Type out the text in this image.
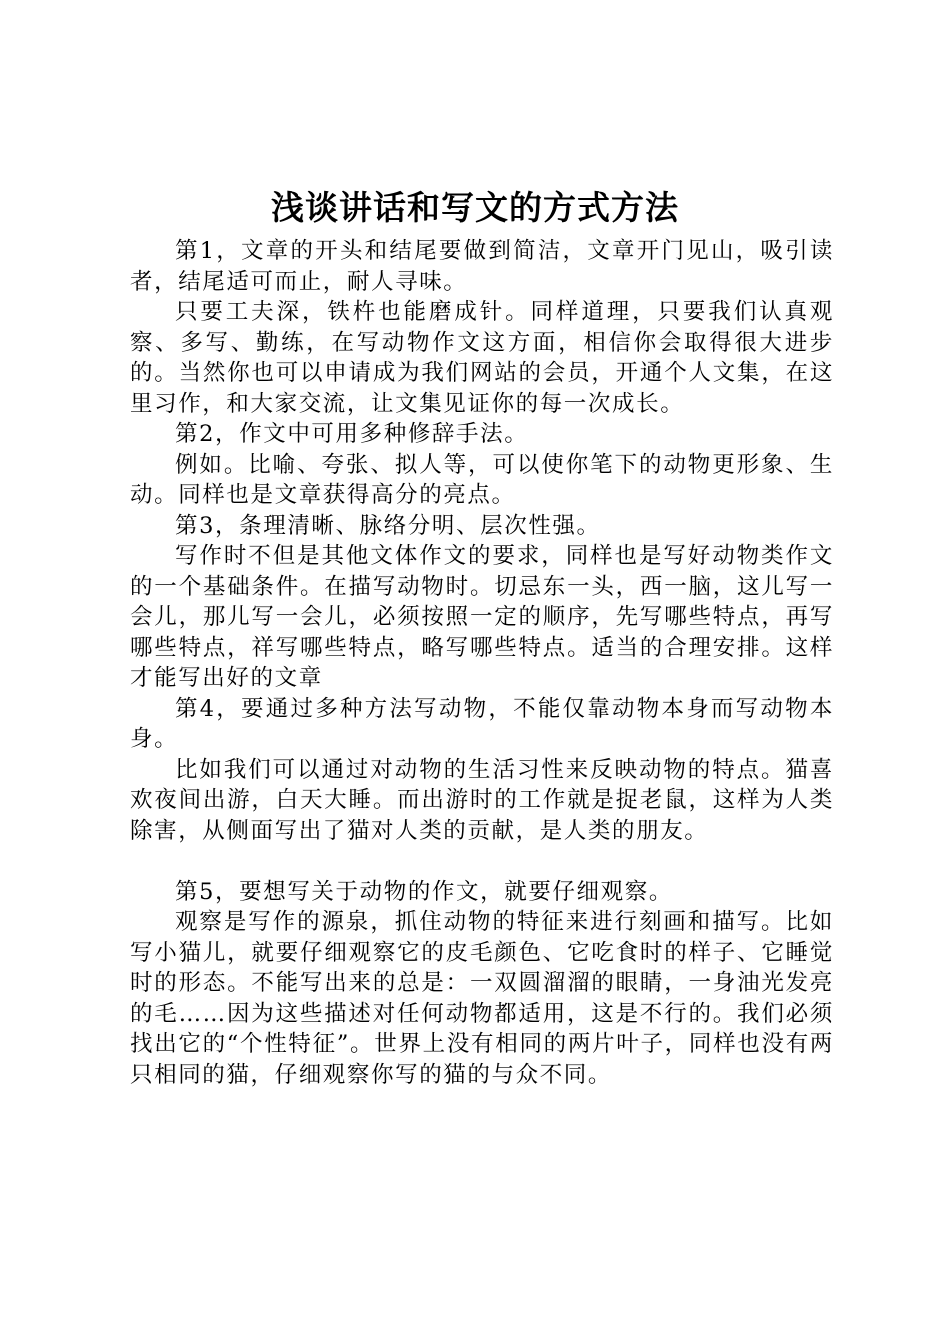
浅谈讲话和写文的方式方法

第1，文章的开头和结尾要做到简洁，文章开门见山，吸引读者，结尾适可而止，耐人寻味。

只要工夫深，铁杵也能磨成针。同样道理，只要我们认真观察、多写、勤练，在写动物作文这方面，相信你会取得很大进步的。当然你也可以申请成为我们网站的会员，开通个人文集，在这里习作，和大家交流，让文集见证你的每一次成长。

第2，作文中可用多种修辞手法。

例如。比喻、夸张、拟人等，可以使你笔下的动物更形象、生动。同样也是文章获得高分的亮点。

第3，条理清晰、脉络分明、层次性强。

写作时不但是其他文体作文的要求，同样也是写好动物类作文的一个基础条件。在描写动物时。切忌东一头，西一脑，这儿写一会儿，那儿写一会儿，必须按照一定的顺序，先写哪些特点，再写哪些特点，祥写哪些特点，略写哪些特点。适当的合理安排。这样才能写出好的文章

第4，要通过多种方法写动物，不能仅靠动物本身而写动物本身。

比如我们可以通过对动物的生活习性来反映动物的特点。猫喜欢夜间出游，白天大睡。而出游时的工作就是捉老鼠，这样为人类除害，从侧面写出了猫对人类的贡献，是人类的朋友。

第5，要想写关于动物的作文，就要仔细观察。

观察是写作的源泉，抓住动物的特征来进行刻画和描写。比如写小猫儿，就要仔细观察它的皮毛颜色、它吃食时的样子、它睡觉时的形态。不能写出来的总是：一双圆溜溜的眼睛，一身油光发亮的毛……因为这些描述对任何动物都适用，这是不行的。我们必须找出它的“个性特征”。世界上没有相同的两片叶子，同样也没有两只相同的猫，仔细观察你写的猫的与众不同。
